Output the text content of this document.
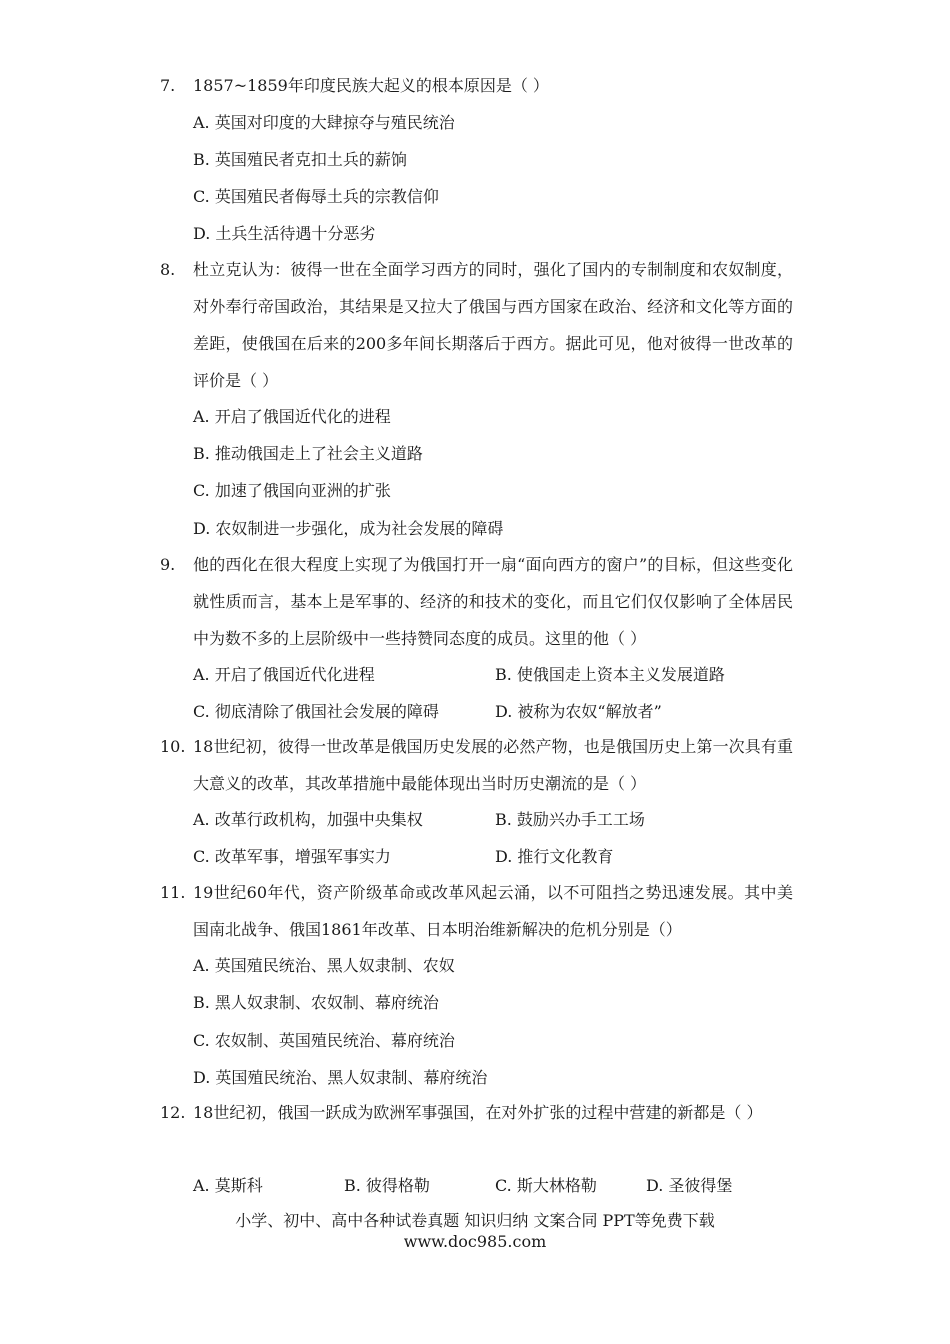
7. 1857~1859年印度民族大起义的根本原因是（ ）
A. 英国对印度的大肆掠夺与殖民统治
B. 英国殖民者克扣土兵的薪饷
C. 英国殖民者侮辱土兵的宗教信仰
D. 土兵生活待遇十分恶劣
8. 杜立克认为：彼得一世在全面学习西方的同时，强化了国内的专制制度和农奴制度，对外奉行帝国政治，其结果是又拉大了俄国与西方国家在政治、经济和文化等方面的差距，使俄国在后来的200多年间长期落后于西方。据此可见，他对彼得一世改革的评价是（ ）
A. 开启了俄国近代化的进程
B. 推动俄国走上了社会主义道路
C. 加速了俄国向亚洲的扩张
D. 农奴制进一步强化，成为社会发展的障碍
9. 他的西化在很大程度上实现了为俄国打开一扇“面向西方的窗户”的目标，但这些变化就性质而言，基本上是军事的、经济的和技术的变化，而且它们仅仅影响了全体居民中为数不多的上层阶级中一些持赞同态度的成员。这里的他（ ）
A. 开启了俄国近代化进程	B. 使俄国走上资本主义发展道路
C. 彻底清除了俄国社会发展的障碍	D. 被称为农奴“解放者”
10. 18世纪初，彼得一世改革是俄国历史发展的必然产物，也是俄国历史上第一次具有重大意义的改革，其改革措施中最能体现出当时历史潮流的是（ ）
A. 改革行政机构，加强中央集权	B. 鼓励兴办手工工场
C. 改革军事，增强军事实力	D. 推行文化教育
11. 19世纪60年代，资产阶级革命或改革风起云涌，以不可阻挡之势迅速发展。其中美国南北战争、俄国1861年改革、日本明治维新解决的危机分别是（）
A. 英国殖民统治、黑人奴隶制、农奴
B. 黑人奴隶制、农奴制、幕府统治
C. 农奴制、英国殖民统治、幕府统治
D. 英国殖民统治、黑人奴隶制、幕府统治
12. 18世纪初，俄国一跃成为欧洲军事强国，在对外扩张的过程中营建的新都是（ ）
A. 莫斯科	B. 彼得格勒	C. 斯大林格勒	D. 圣彼得堡
小学、初中、高中各种试卷真题 知识归纳 文案合同 PPT等免费下载
www.doc985.com
